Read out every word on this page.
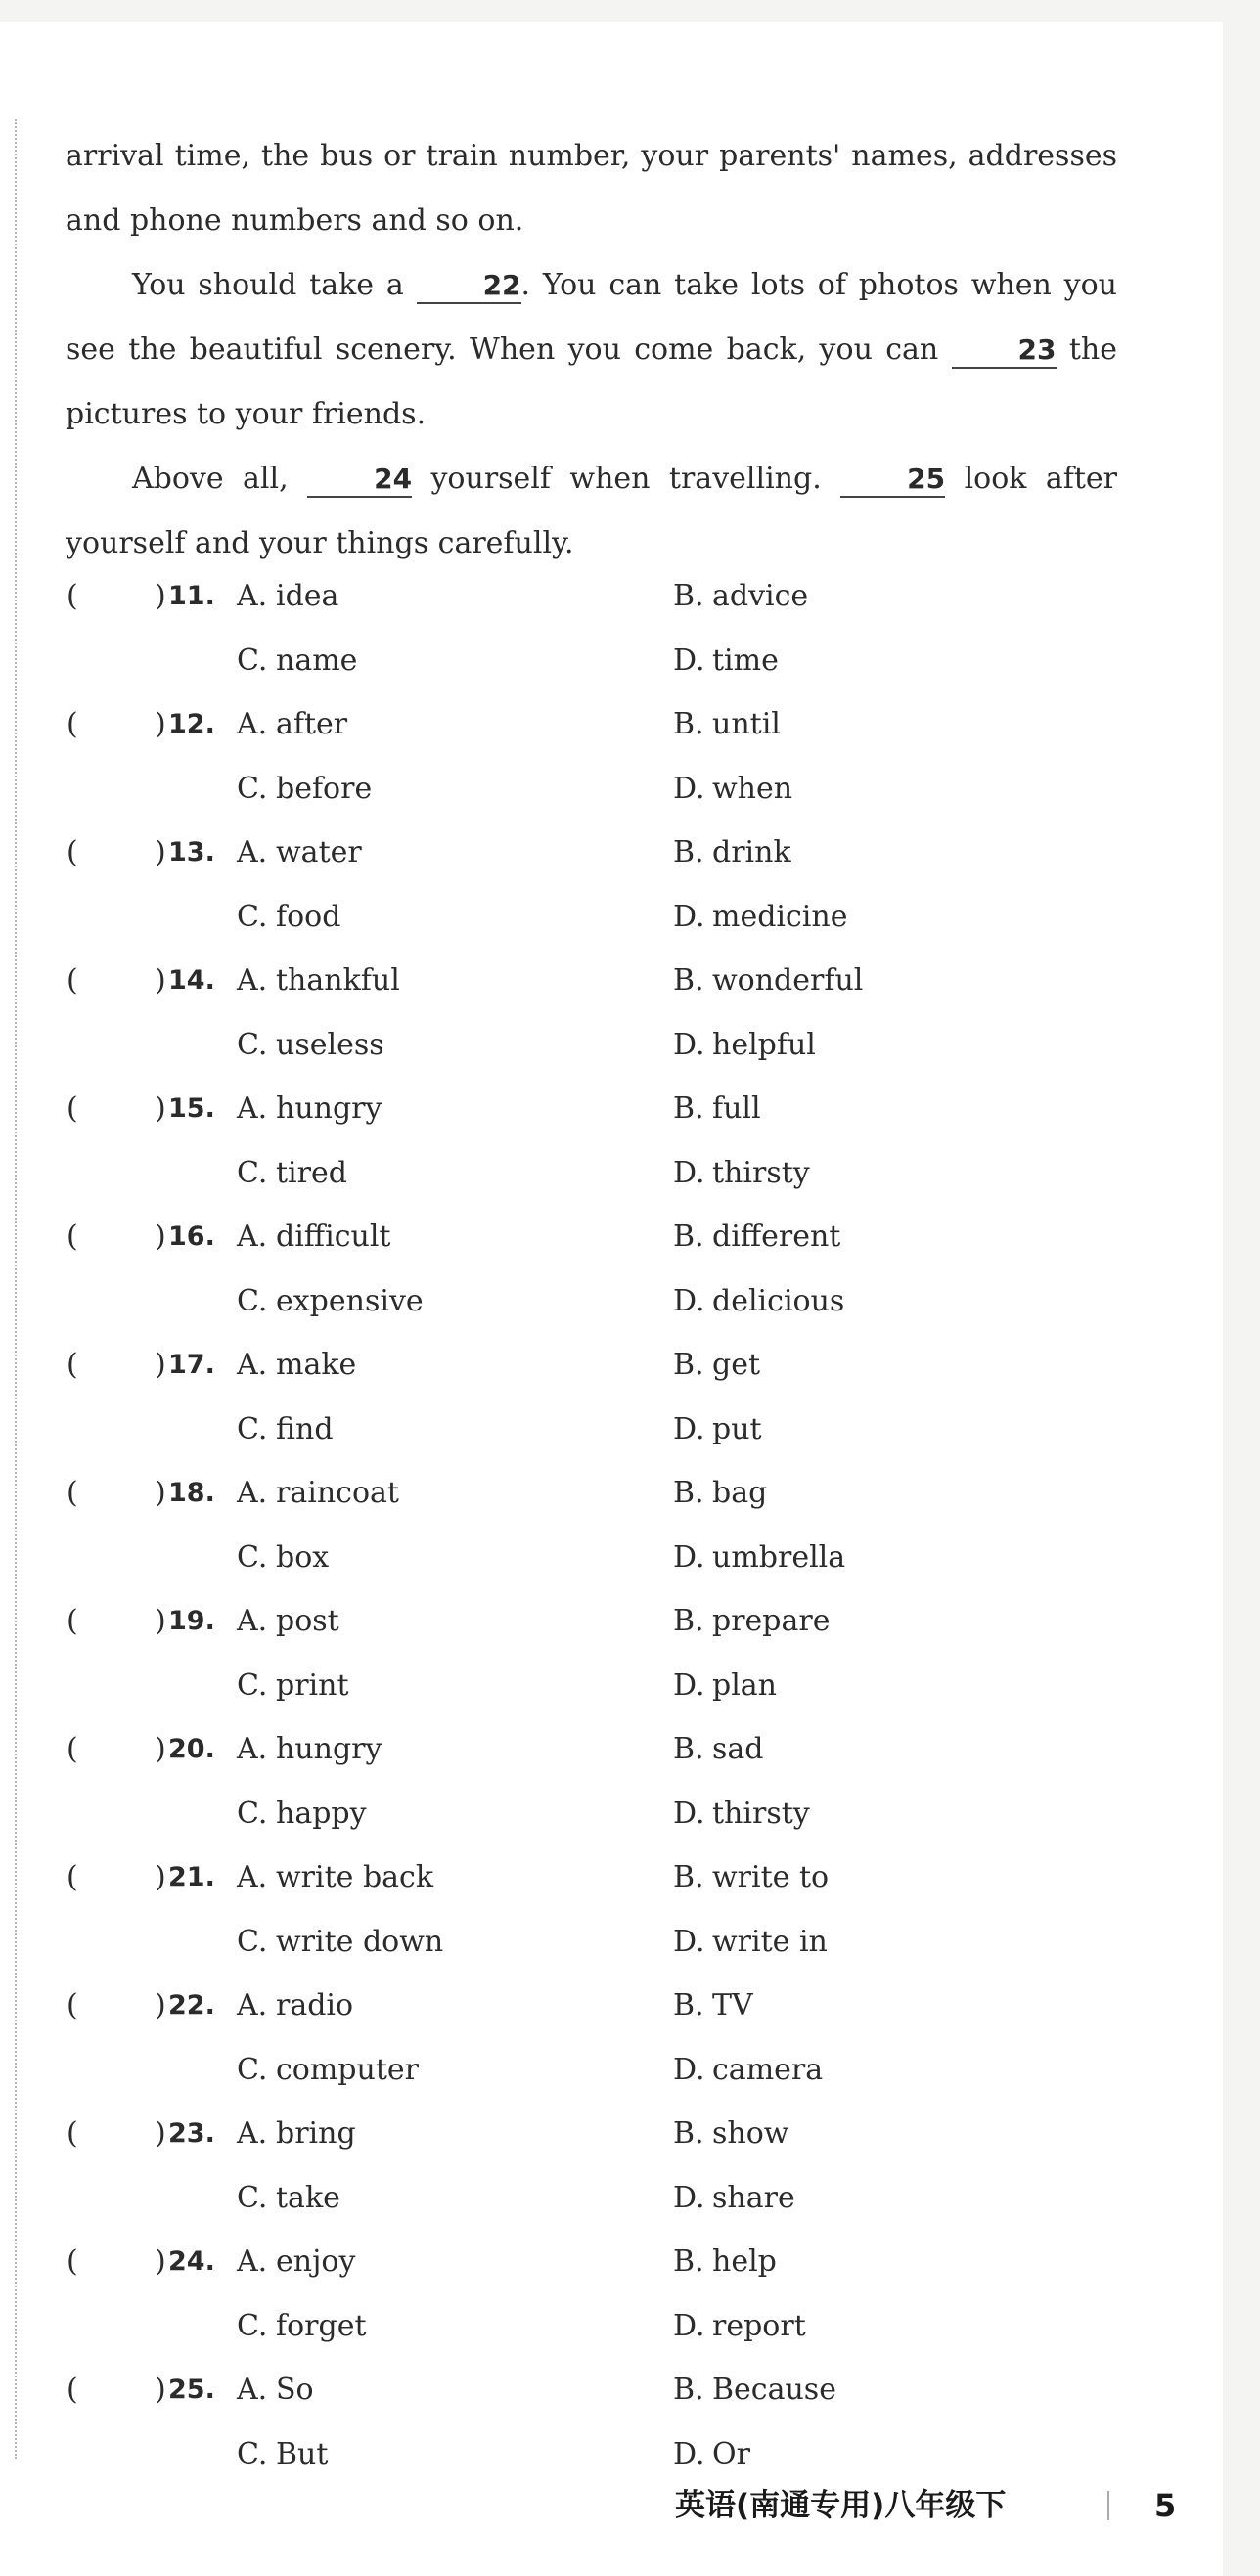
arrival time, the bus or train number, your parents' names, addresses and phone numbers and so on.
You should take a	22. You can take lots of photos when you see the beautiful scenery. When you come back, you can	23 the pictures to your friends.
Above all,	24 yourself when travelling.	25 look after yourself and your things carefully.
(	) 11. A. idea	B. advice
C. name	D. time
(	) 12. A. after	B. until
C. before	D. when
(	) 13. A. water	B. drink
C. food	D. medicine
(	) 14. A. thankful	B. wonderful
C. useless	D. helpful
(	) 15. A. hungry	B. full
C. tired	D. thirsty
(	) 16. A. difficult	B. different
C. expensive	D. delicious
(	) 17. A. make	B. get
C. find	D. put
(	) 18. A. raincoat	B. bag
C. box	D. umbrella
(	) 19. A. post	B. prepare
C. print	D. plan
(	) 20. A. hungry	B. sad
C. happy	D. thirsty
(	) 21. A. write back	B. write to
C. write down	D. write in
(	) 22. A. radio	B. TV
C. computer	D. camera
(	) 23. A. bring	B. show
C. take	D. share
(	) 24. A. enjoy	B. help
C. forget	D. report
(	) 25. A. So	B. Because
C. But	D. Or
英语(南通专用)八年级下	5
